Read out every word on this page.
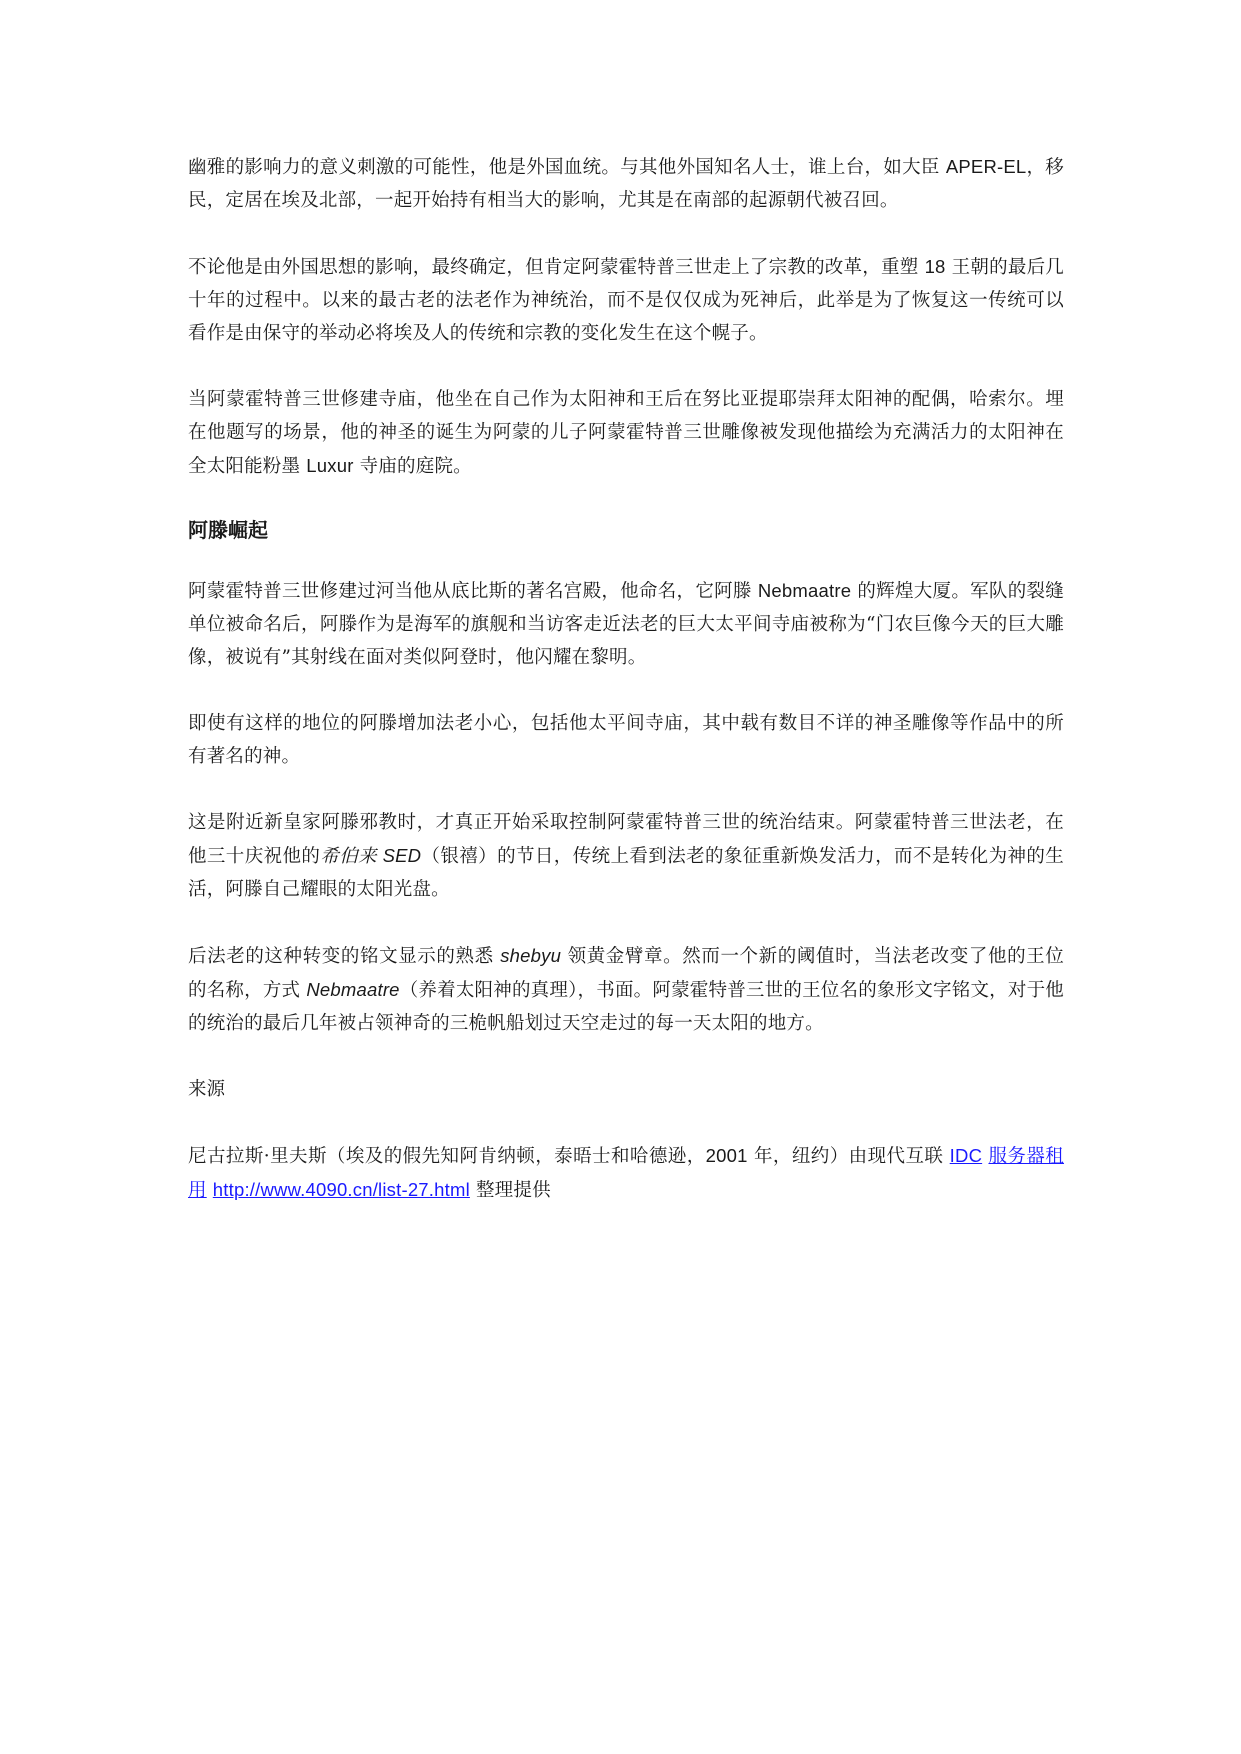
幽雅的影响力的意义刺激的可能性，他是外国血统。与其他外国知名人士，谁上台，如大臣 APER-EL，移民，定居在埃及北部，一起开始持有相当大的影响，尤其是在南部的起源朝代被召回。

不论他是由外国思想的影响，最终确定，但肯定阿蒙霍特普三世走上了宗教的改革，重塑 18 王朝的最后几十年的过程中。以来的最古老的法老作为神统治，而不是仅仅成为死神后，此举是为了恢复这一传统可以看作是由保守的举动必将埃及人的传统和宗教的变化发生在这个幌子。

当阿蒙霍特普三世修建寺庙，他坐在自己作为太阳神和王后在努比亚提耶崇拜太阳神的配偶，哈索尔。埋在他题写的场景，他的神圣的诞生为阿蒙的儿子阿蒙霍特普三世雕像被发现他描绘为充满活力的太阳神在全太阳能粉墨 Luxur 寺庙的庭院。

阿滕崛起

阿蒙霍特普三世修建过河当他从底比斯的著名宫殿，他命名，它阿滕 Nebmaatre 的辉煌大厦。军队的裂缝单位被命名后，阿滕作为是海军的旗舰和当访客走近法老的巨大太平间寺庙被称为“门农巨像今天的巨大雕像，被说有”其射线在面对类似阿登时，他闪耀在黎明。

即使有这样的地位的阿滕增加法老小心，包括他太平间寺庙，其中载有数目不详的神圣雕像等作品中的所有著名的神。

这是附近新皇家阿滕邪教时，才真正开始采取控制阿蒙霍特普三世的统治结束。阿蒙霍特普三世法老，在他三十庆祝他的希伯来 SED（银禧）的节日，传统上看到法老的象征重新焕发活力，而不是转化为神的生活，阿滕自己耀眼的太阳光盘。

后法老的这种转变的铭文显示的熟悉 shebyu 领黄金臂章。然而一个新的阈值时，当法老改变了他的王位的名称，方式 Nebmaatre（养着太阳神的真理），书面。阿蒙霍特普三世的王位名的象形文字铭文，对于他的统治的最后几年被占领神奇的三桅帆船划过天空走过的每一天太阳的地方。

来源

尼古拉斯·里夫斯（埃及的假先知阿肯纳顿，泰晤士和哈德逊，2001 年，纽约）由现代互联 IDC 服务器租用 http://www.4090.cn/list-27.html 整理提供
